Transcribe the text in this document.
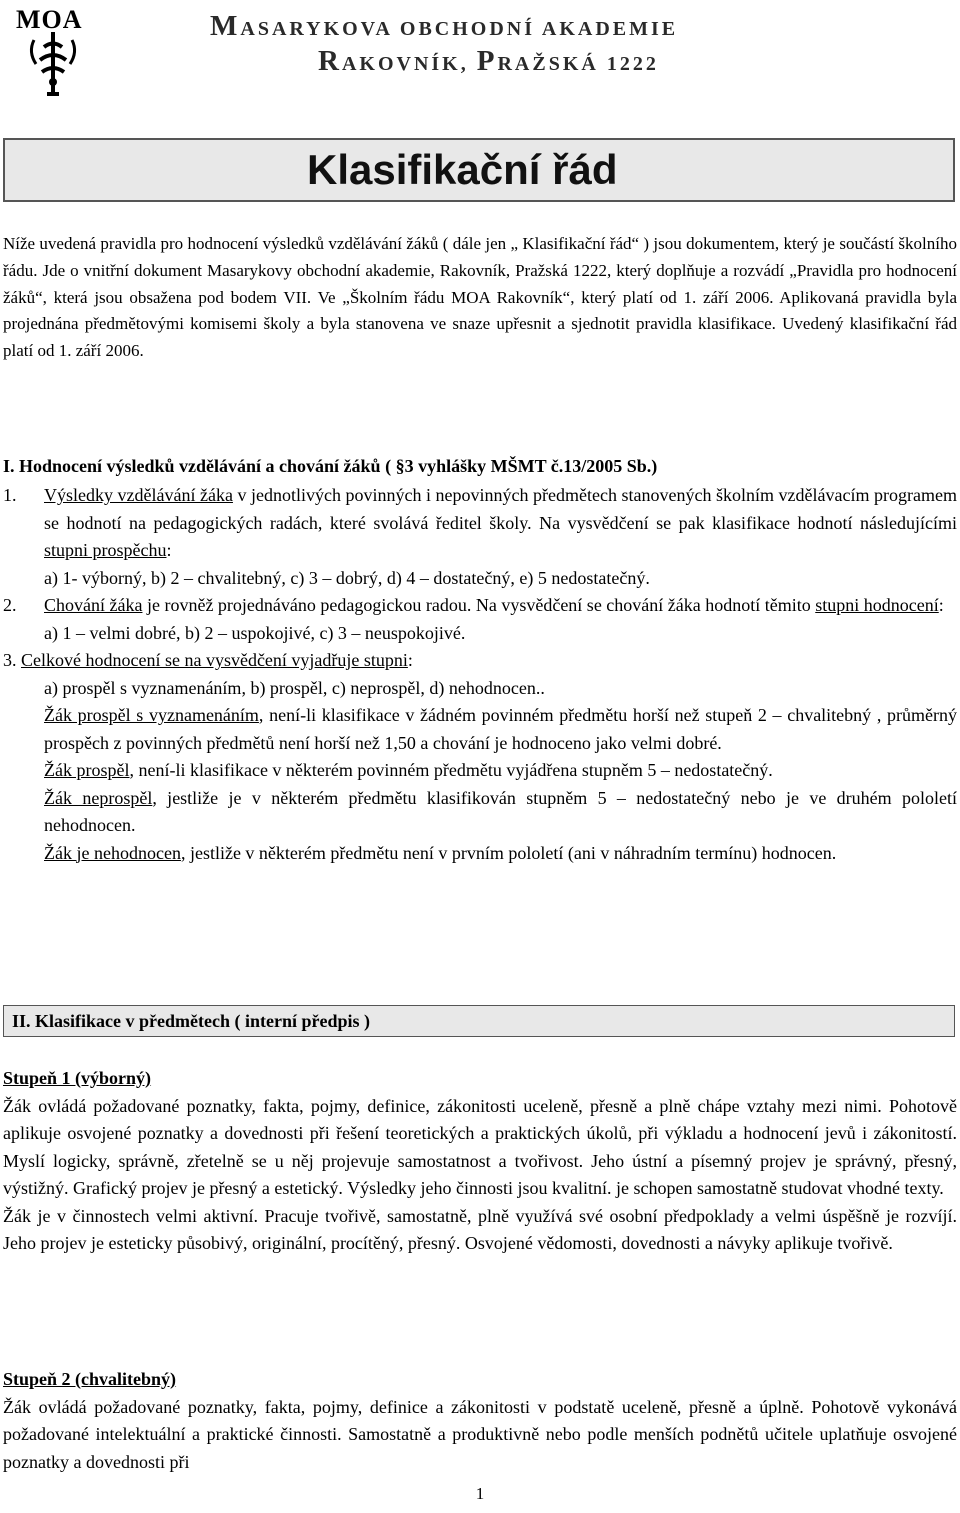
MOA	MASARYKOVA OBCHODNÍ AKADEMIE
RAKOVNÍK, PRAŽSKÁ 1222
Klasifikační řád

Níže uvedená pravidla pro hodnocení výsledků vzdělávání žáků ( dále jen „ Klasifikační řád“ ) jsou dokumentem, který je součástí školního řádu. Jde o vnitřní dokument Masarykovy obchodní akademie, Rakovník, Pražská 1222, který doplňuje a rozvádí „Pravidla pro hodnocení žáků“, která jsou obsažena pod bodem VII. Ve „Školním řádu MOA Rakovník“, který platí od 1. září 2006. Aplikovaná pravidla byla projednána předmětovými komisemi školy a byla stanovena ve snaze upřesnit a sjednotit pravidla klasifikace. Uvedený klasifikační řád platí od 1. září 2006.

I. Hodnocení výsledků vzdělávání a chování žáků ( §3 vyhlášky MŠMT č.13/2005 Sb.)

1. Výsledky vzdělávání žáka v jednotlivých povinných i nepovinných předmětech stanovených školním vzdělávacím programem se hodnotí na pedagogických radách, které svolává ředitel školy. Na vysvědčení se pak klasifikace hodnotí následujícími stupni prospěchu:
a) 1- výborný, b) 2 – chvalitebný, c) 3 – dobrý, d) 4 – dostatečný, e) 5 nedostatečný.
2. Chování žáka je rovněž projednáváno pedagogickou radou. Na vysvědčení se chování žáka hodnotí těmito stupni hodnocení:
a) 1 – velmi dobré, b) 2 – uspokojivé, c) 3 – neuspokojivé.
3. Celkové hodnocení se na vysvědčení vyjadřuje stupni:
a) prospěl s vyznamenáním, b) prospěl, c) neprospěl, d) nehodnocen..
Žák prospěl s vyznamenáním, není-li klasifikace v žádném povinném předmětu horší než stupeň 2 – chvalitebný , průměrný prospěch z povinných předmětů není horší než 1,50 a chování je hodnoceno jako velmi dobré.
Žák prospěl, není-li klasifikace v některém povinném předmětu vyjádřena stupněm 5 – nedostatečný.
Žák neprospěl, jestliže je v některém předmětu klasifikován stupněm 5 – nedostatečný nebo je ve druhém pololetí nehodnocen.
Žák je nehodnocen, jestliže v některém předmětu není v prvním pololetí (ani v náhradním termínu) hodnocen.

II. Klasifikace v předmětech ( interní předpis )

Stupeň 1 (výborný)

Žák ovládá požadované poznatky, fakta, pojmy, definice, zákonitosti uceleně, přesně a plně chápe vztahy mezi nimi. Pohotově aplikuje osvojené poznatky a dovednosti při řešení teoretických a praktických úkolů, při výkladu a hodnocení jevů i zákonitostí. Myslí logicky, správně, zřetelně se u něj projevuje samostatnost a tvořivost. Jeho ústní a písemný projev je správný, přesný, výstižný. Grafický projev je přesný a estetický. Výsledky jeho činnosti jsou kvalitní. je schopen samostatně studovat vhodné texty.

Žák je v činnostech velmi aktivní. Pracuje tvořivě, samostatně, plně využívá své osobní předpoklady a velmi úspěšně je rozvíjí. Jeho projev je esteticky působivý, originální, procítěný, přesný. Osvojené vědomosti, dovednosti a návyky aplikuje tvořivě.

Stupeň 2 (chvalitebný)

Žák ovládá požadované poznatky, fakta, pojmy, definice a zákonitosti v podstatě uceleně, přesně a úplně. Pohotově vykonává požadované intelektuální a praktické činnosti. Samostatně a produktivně nebo podle menších podnětů učitele uplatňuje osvojené poznatky a dovednosti při

1
